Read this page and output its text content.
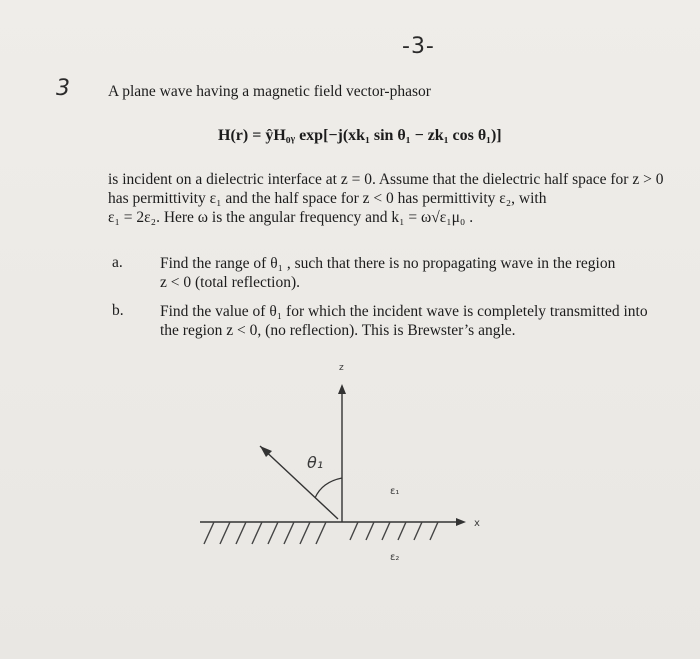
-3-
3 A plane wave having a magnetic field vector-phasor
H(r) = ŷH₀ᵧ exp[−j(xk₁ sin θ₁ − zk₁ cos θ₁)]
is incident on a dielectric interface at z = 0. Assume that the dielectric half space for z > 0
has permittivity ε₁ and the half space for z < 0 has permittivity ε₂, with
ε₁ = 2ε₂. Here ω is the angular frequency and k₁ = ω√ε₁μ₀ .
a. Find the range of θ₁ , such that there is no propagating wave in the region
z < 0 (total reflection).
b. Find the value of θ₁ for which the incident wave is completely transmitted into
the region z < 0, (no reflection). This is Brewster’s angle.
z
x
θ₁
ε₁
ε₂
